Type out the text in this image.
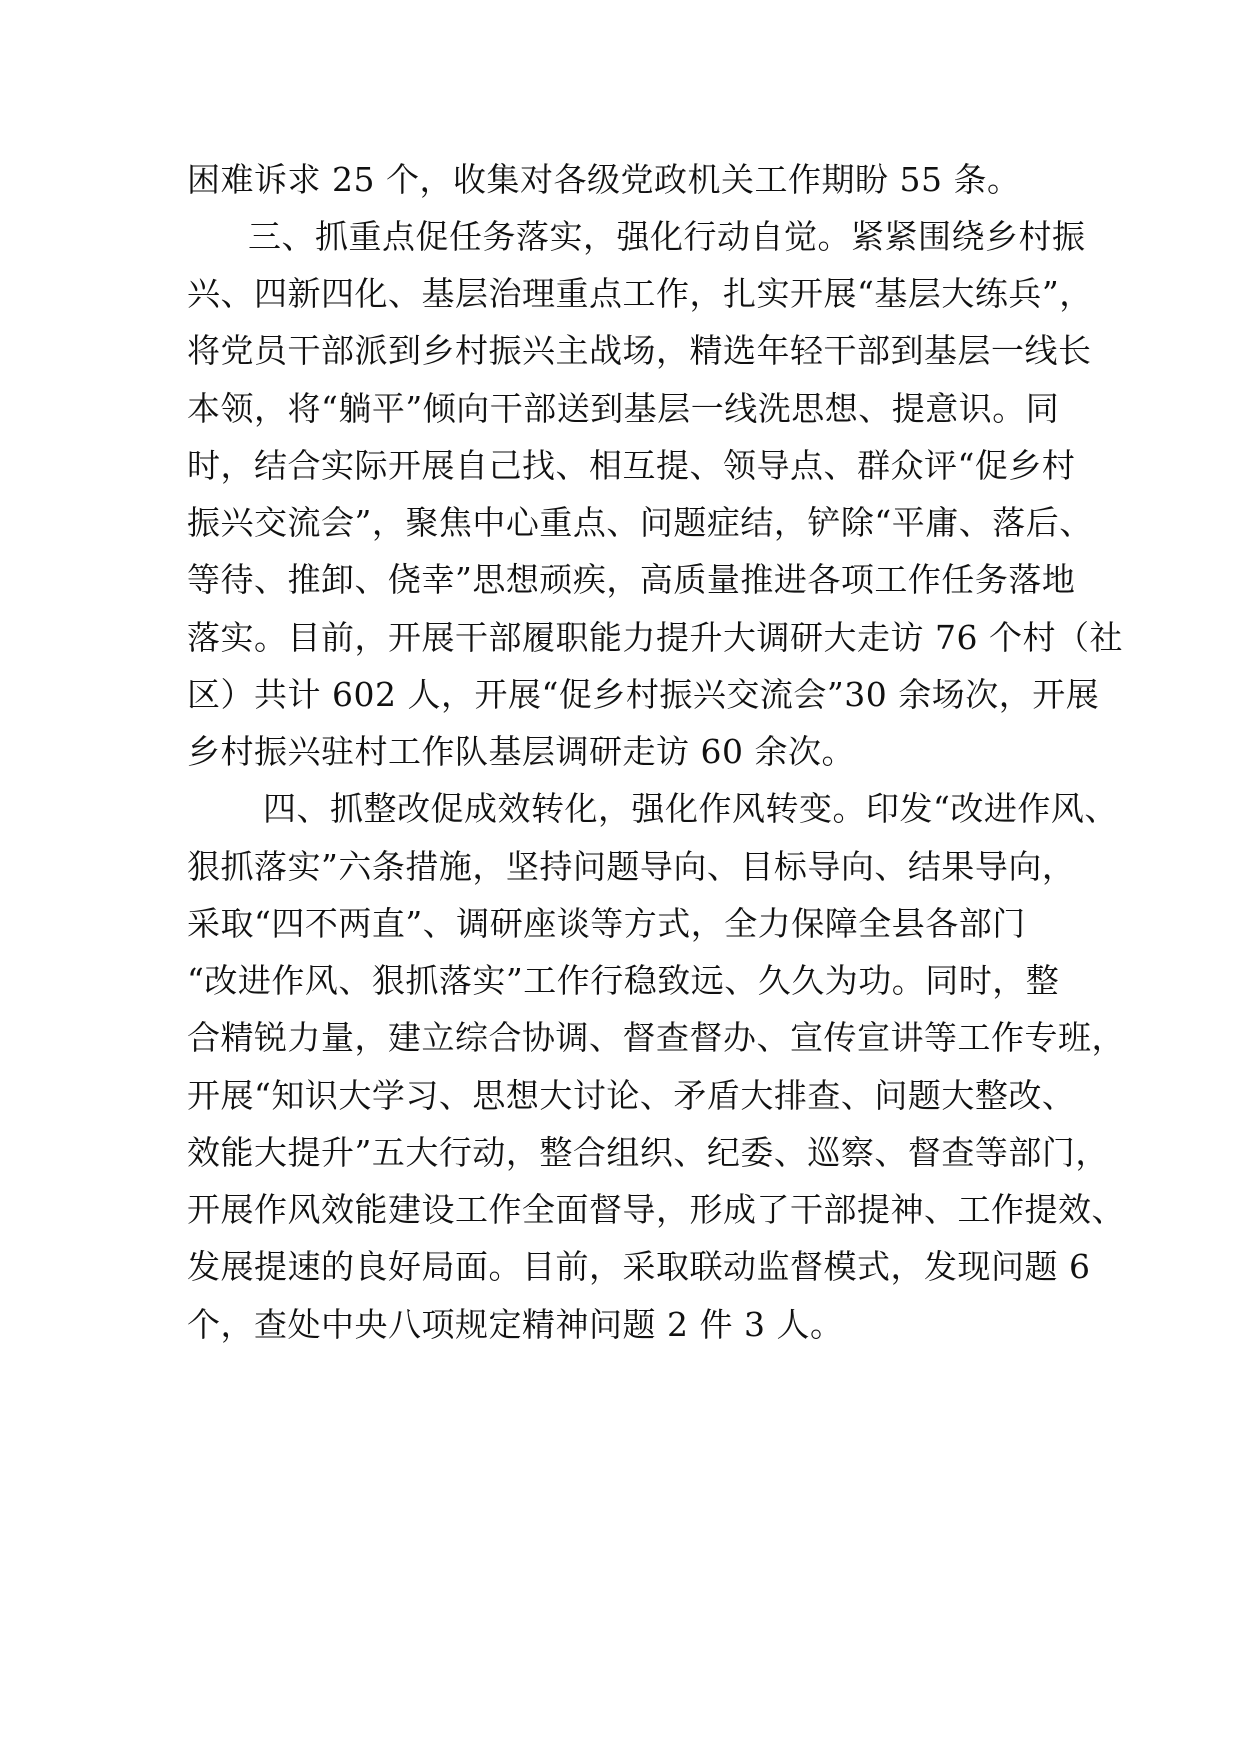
困难诉求 25 个，收集对各级党政机关工作期盼 55 条。
三、抓重点促任务落实，强化行动自觉。紧紧围绕乡村振
兴、四新四化、基层治理重点工作，扎实开展“基层大练兵”，
将党员干部派到乡村振兴主战场，精选年轻干部到基层一线长
本领，将“躺平”倾向干部送到基层一线洗思想、提意识。同
时，结合实际开展自己找、相互提、领导点、群众评“促乡村
振兴交流会”，聚焦中心重点、问题症结，铲除“平庸、落后、
等待、推卸、侥幸”思想顽疾，高质量推进各项工作任务落地
落实。目前，开展干部履职能力提升大调研大走访 76 个村（社
区）共计 602 人，开展“促乡村振兴交流会”30 余场次，开展
乡村振兴驻村工作队基层调研走访 60 余次。
四、抓整改促成效转化，强化作风转变。印发“改进作风、
狠抓落实”六条措施，坚持问题导向、目标导向、结果导向，
采取“四不两直”、调研座谈等方式，全力保障全县各部门
“改进作风、狠抓落实”工作行稳致远、久久为功。同时，整
合精锐力量，建立综合协调、督查督办、宣传宣讲等工作专班，
开展“知识大学习、思想大讨论、矛盾大排查、问题大整改、
效能大提升”五大行动，整合组织、纪委、巡察、督查等部门，
开展作风效能建设工作全面督导，形成了干部提神、工作提效、
发展提速的良好局面。目前，采取联动监督模式，发现问题 6
个，查处中央八项规定精神问题 2 件 3 人。
